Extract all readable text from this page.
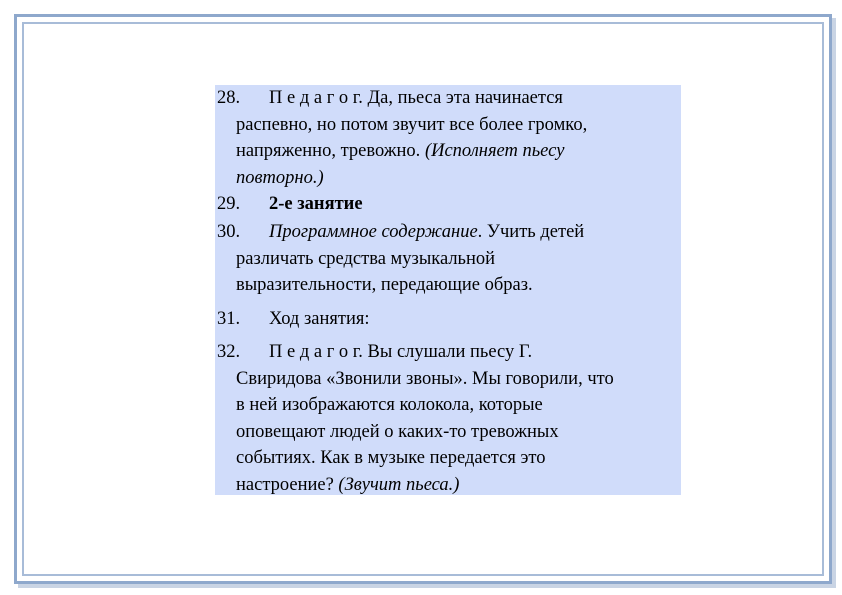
28. П е д а г о г. Да, пьеса эта начинается
распевно, но потом звучит все более громко,
напряженно, тревожно. (Исполняет пьесу
повторно.)
29. 2-е занятие
30. Программное содержание. Учить детей
различать средства музыкальной
выразительности, передающие образ.
31. Ход занятия:
32. П е д а г о г. Вы слушали пьесу Г.
Свиридова «Звонили звоны». Мы говорили, что
в ней изображаются колокола, которые
оповещают людей о каких-то тревожных
событиях. Как в музыке передается это
настроение? (Звучит пьеса.)
